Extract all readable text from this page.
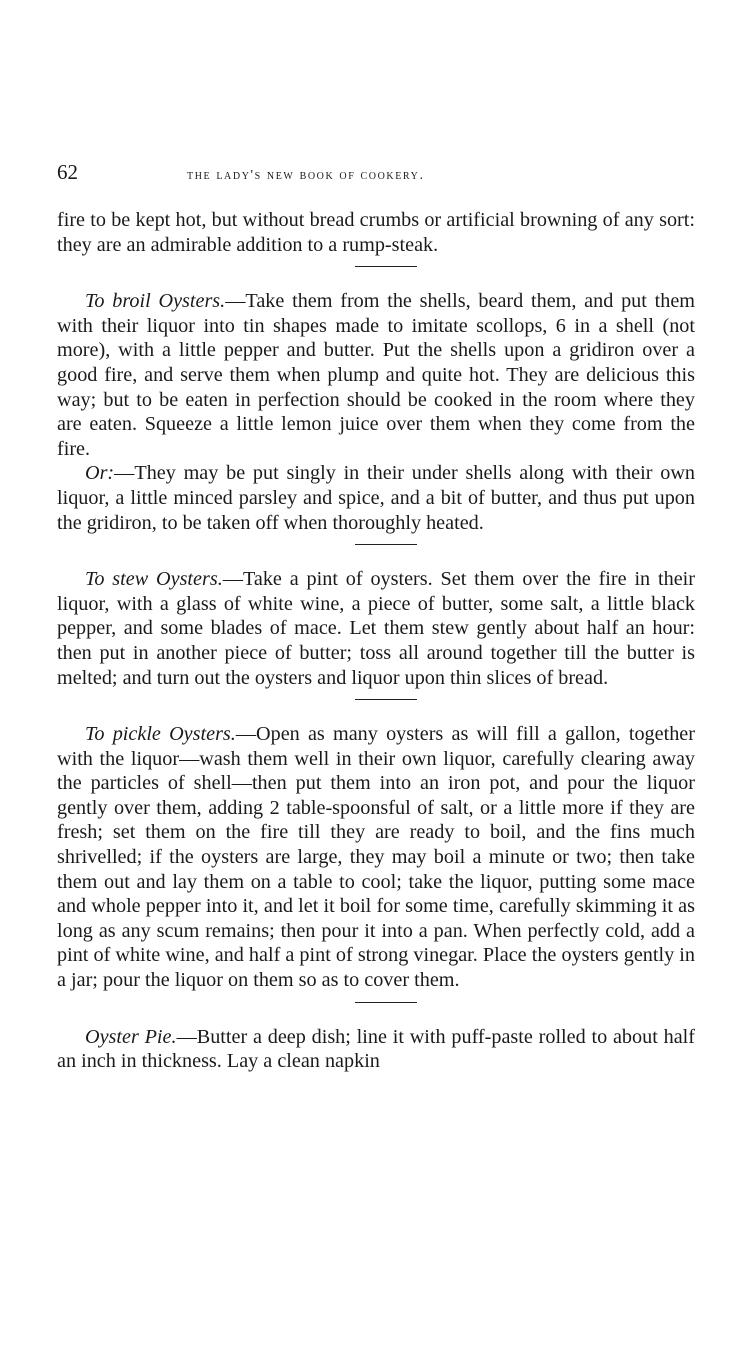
62	the lady's new book of cookery.

fire to be kept hot, but without bread crumbs or artificial browning of any sort: they are an admirable addition to a rump-steak.

To broil Oysters.—Take them from the shells, beard them, and put them with their liquor into tin shapes made to imitate scollops, 6 in a shell (not more), with a little pepper and butter. Put the shells upon a gridiron over a good fire, and serve them when plump and quite hot. They are delicious this way; but to be eaten in perfection should be cooked in the room where they are eaten. Squeeze a little lemon juice over them when they come from the fire.

Or:—They may be put singly in their under shells along with their own liquor, a little minced parsley and spice, and a bit of butter, and thus put upon the gridiron, to be taken off when thoroughly heated.

To stew Oysters.—Take a pint of oysters. Set them over the fire in their liquor, with a glass of white wine, a piece of butter, some salt, a little black pepper, and some blades of mace. Let them stew gently about half an hour: then put in another piece of butter; toss all around together till the butter is melted; and turn out the oysters and liquor upon thin slices of bread.

To pickle Oysters.—Open as many oysters as will fill a gallon, together with the liquor—wash them well in their own liquor, carefully clearing away the particles of shell—then put them into an iron pot, and pour the liquor gently over them, adding 2 table-spoonsful of salt, or a little more if they are fresh; set them on the fire till they are ready to boil, and the fins much shrivelled; if the oysters are large, they may boil a minute or two; then take them out and lay them on a table to cool; take the liquor, putting some mace and whole pepper into it, and let it boil for some time, carefully skimming it as long as any scum remains; then pour it into a pan. When perfectly cold, add a pint of white wine, and half a pint of strong vinegar. Place the oysters gently in a jar; pour the liquor on them so as to cover them.

Oyster Pie.—Butter a deep dish; line it with puff-paste rolled to about half an inch in thickness. Lay a clean napkin
